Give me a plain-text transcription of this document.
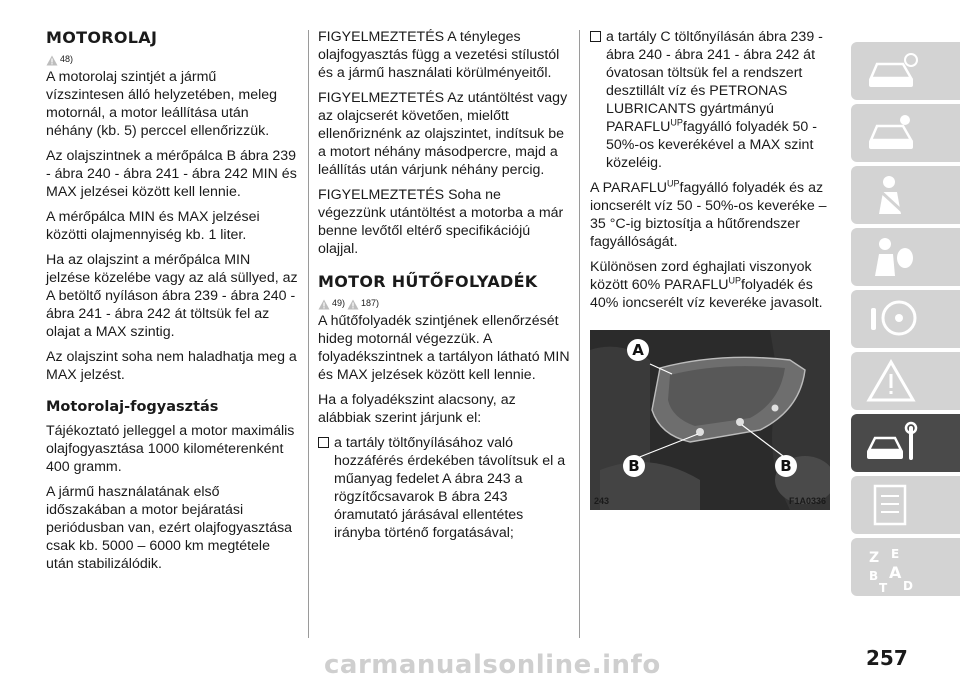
MOTOROLAJ
48)

A motorolaj szintjét a jármű vízszintesen álló helyzetében, meleg motornál, a motor leállítása után néhány (kb. 5) perccel ellenőrizzük.

Az olajszintnek a mérőpálca B ábra 239 - ábra 240 - ábra 241 - ábra 242 MIN és MAX jelzései között kell lennie.

A mérőpálca MIN és MAX jelzései közötti olajmennyiség kb. 1 liter.

Ha az olajszint a mérőpálca MIN jelzése közelébe vagy az alá süllyed, az A betöltő nyíláson ábra 239 - ábra 240 - ábra 241 - ábra 242 át töltsük fel az olajat a MAX szintig.

Az olajszint soha nem haladhatja meg a MAX jelzést.

Motorolaj-fogyasztás

Tájékoztató jelleggel a motor maximális olajfogyasztása 1000 kilométerenként 400 gramm.

A jármű használatának első időszakában a motor bejáratási periódusban van, ezért olajfogyasztása csak kb. 5000 – 6000 km megtétele után stabilizálódik.

FIGYELMEZTETÉS A tényleges olajfogyasztás függ a vezetési stílustól és a jármű használati körülményeitől.

FIGYELMEZTETÉS Az utántöltést vagy az olajcserét követően, mielőtt ellenőriznénk az olajszintet, indítsuk be a motort néhány másodpercre, majd a leállítás után várjunk néhány percig.

FIGYELMEZTETÉS Soha ne végezzünk utántöltést a motorba a már benne levőtől eltérő specifikációjú olajjal.

MOTOR HŰTŐFOLYADÉK
49) 187)

A hűtőfolyadék szintjének ellenőrzését hideg motornál végezzük. A folyadékszintnek a tartályon látható MIN és MAX jelzések között kell lennie.

Ha a folyadékszint alacsony, az alábbiak szerint járjunk el:

a tartály töltőnyílásához való hozzáférés érdekében távolítsuk el a műanyag fedelet A ábra 243 a rögzítőcsavarok B ábra 243 óramutató járásával ellentétes irányba történő forgatásával;
a tartály C töltőnyílásán ábra 239 - ábra 240 - ábra 241 - ábra 242 át óvatosan töltsük fel a rendszert desztillált víz és PETRONAS LUBRICANTS gyártmányú $PARAFLU^{UP}fagyálló$ folyadék 50 - 50%-os keverékével a MAX szint közeléig.

A $PARAFLU^{UP}fagyálló$ folyadék és az ioncserélt víz 50 - 50%-os keveréke –35 °C-ig biztosítja a hűtőrendszer fagyállóságát.

Különösen zord éghajlati viszonyok között 60% $PARAFLU^{UP}folyadék$ és 40% ioncserélt víz keveréke javasolt.

A
B	B
243	F1A0336
Z E
B A
T D
257
carmanualsonline.info
